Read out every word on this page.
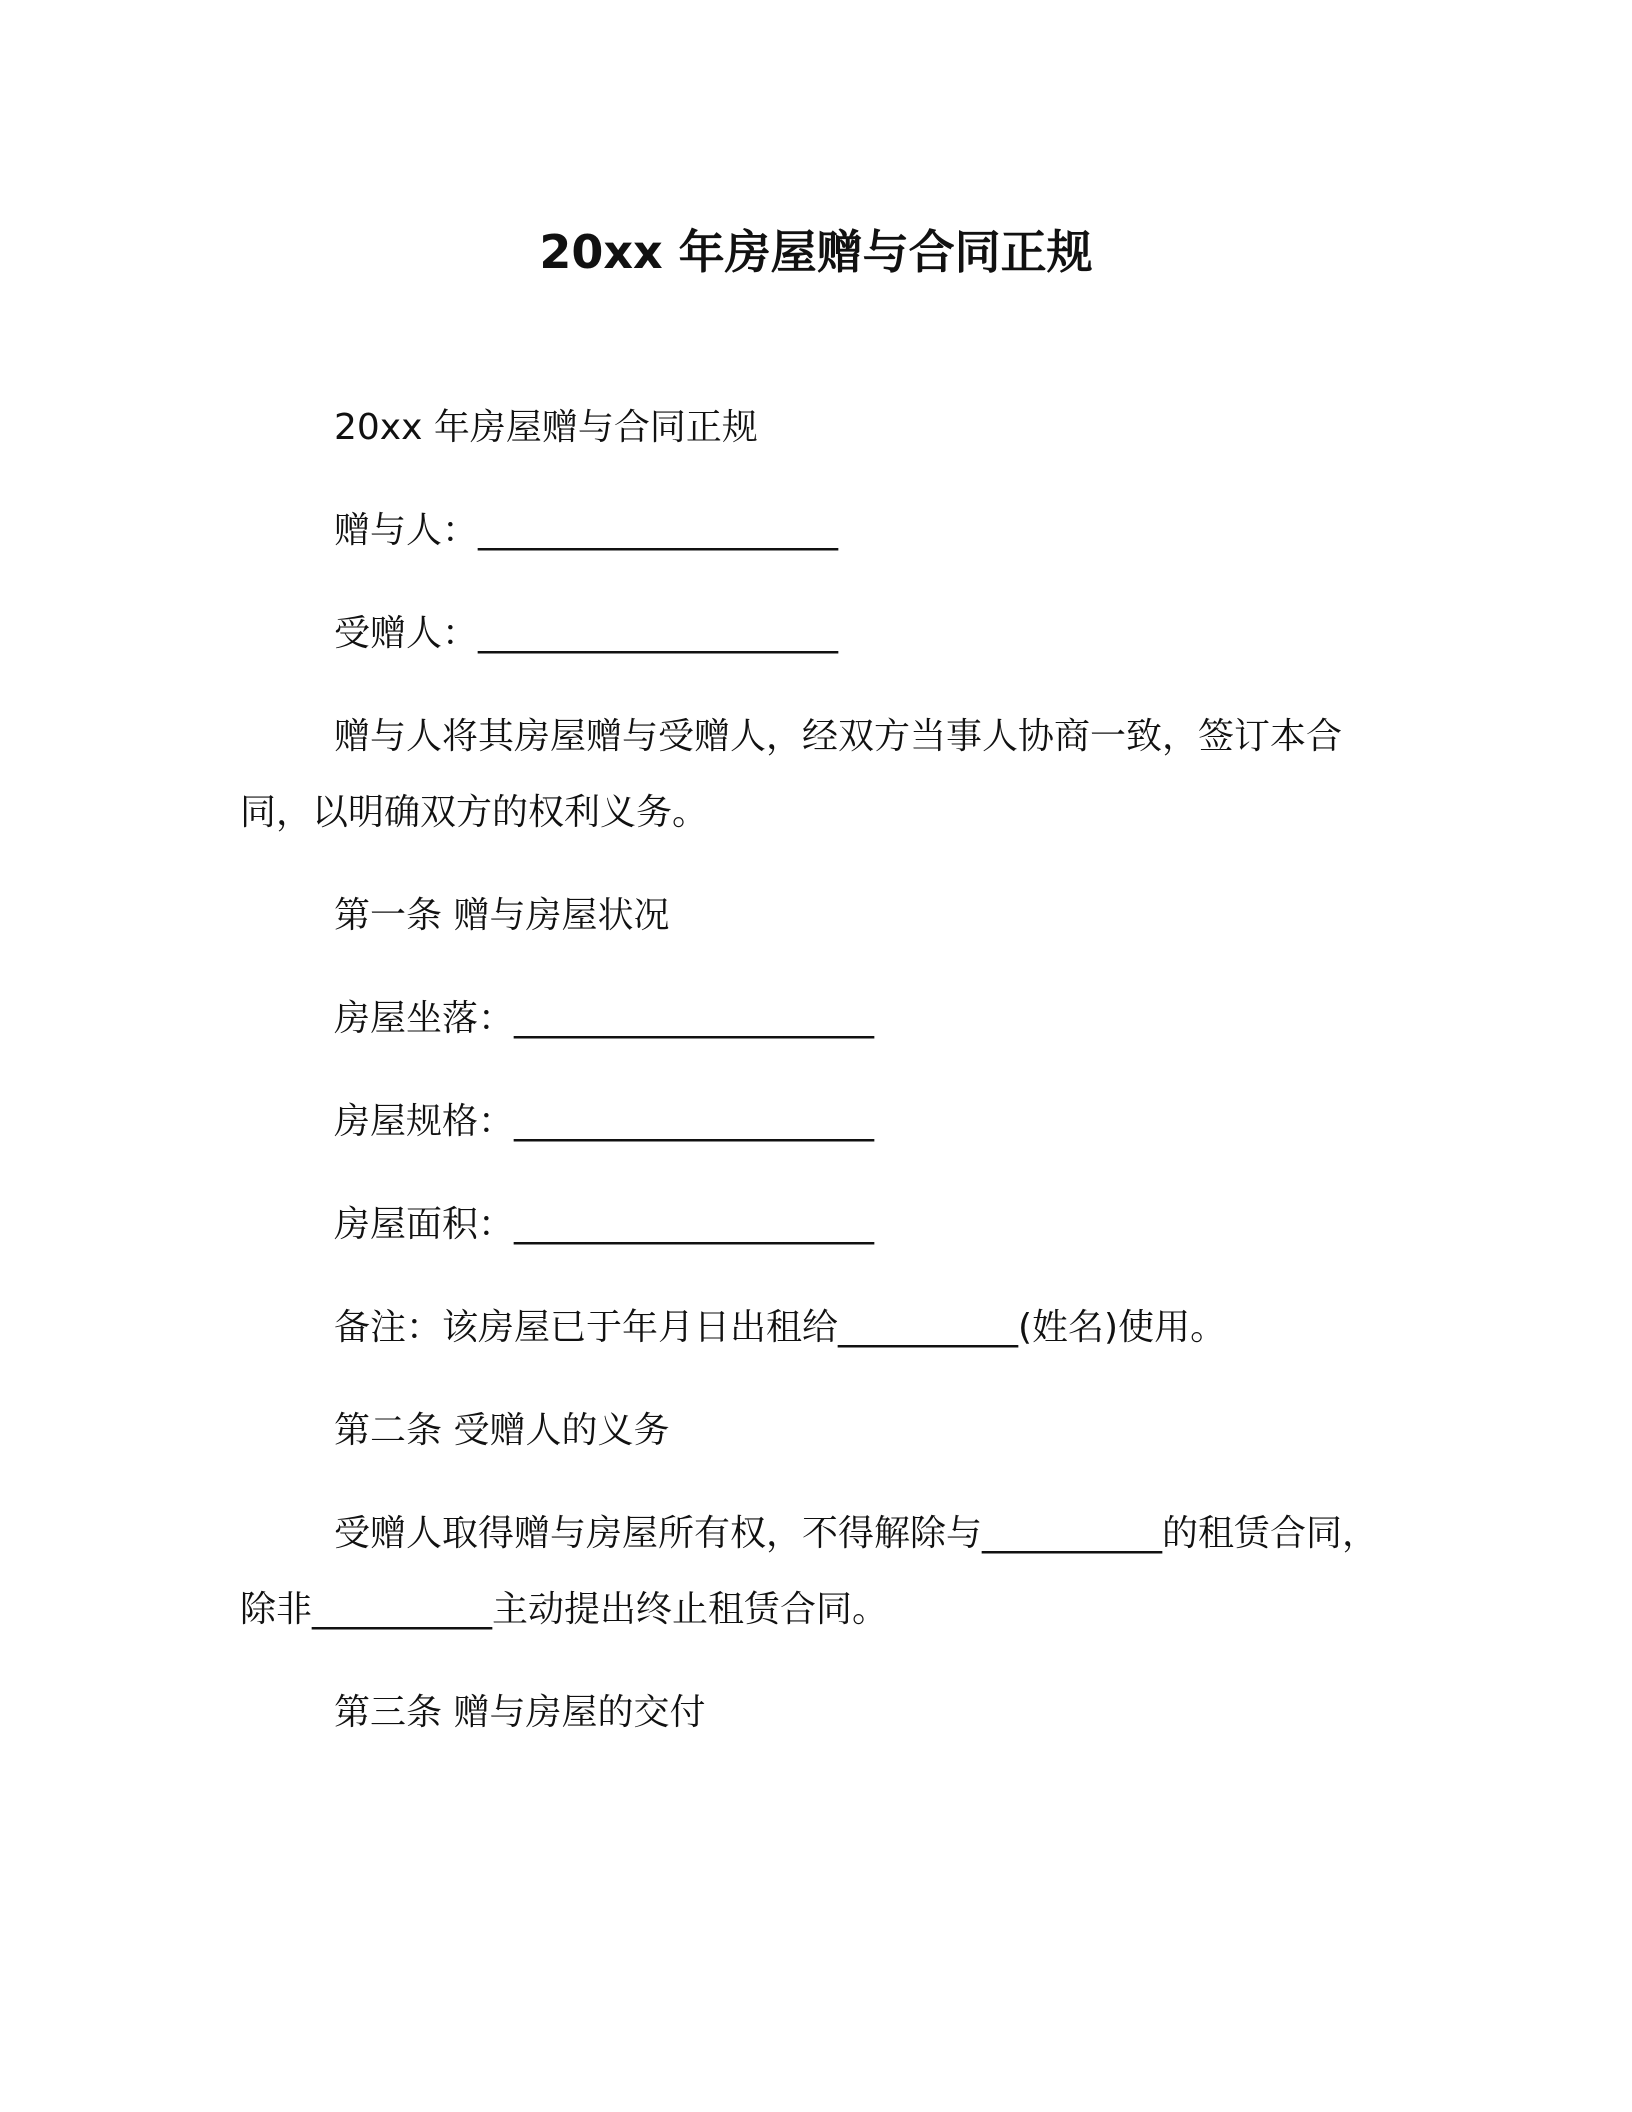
20xx 年房屋赠与合同正规

20xx 年房屋赠与合同正规

赠与人：____________________

受赠人：____________________

赠与人将其房屋赠与受赠人，经双方当事人协商一致，签订本合同，以明确双方的权利义务。

第一条 赠与房屋状况

房屋坐落：____________________

房屋规格：____________________

房屋面积：____________________

备注：该房屋已于年月日出租给__________(姓名)使用。

第二条 受赠人的义务

受赠人取得赠与房屋所有权，不得解除与__________的租赁合同，除非__________主动提出终止租赁合同。

第三条 赠与房屋的交付
